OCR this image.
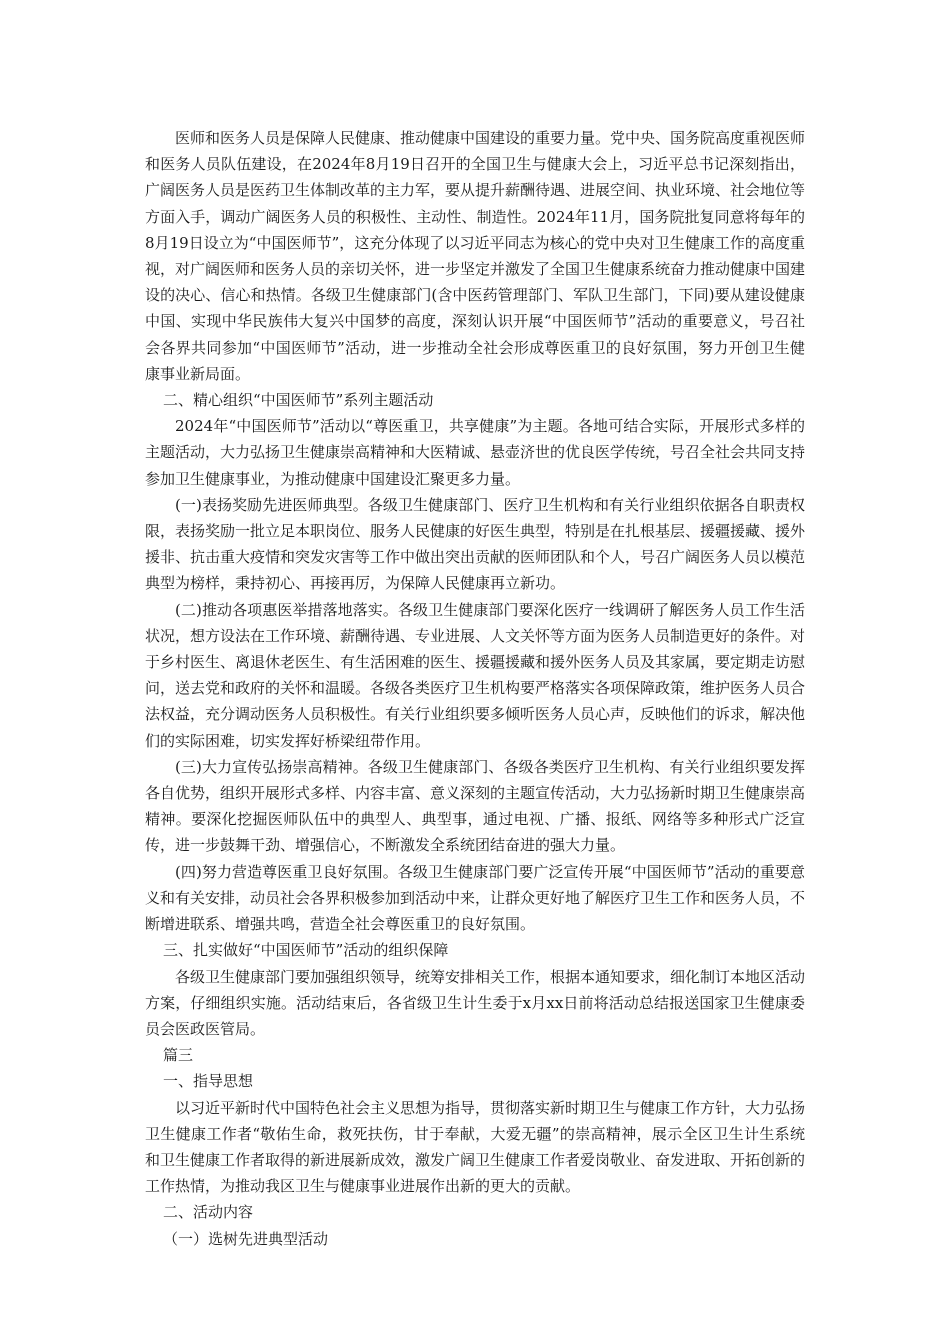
医师和医务人员是保障人民健康、推动健康中国建设的重要力量。党中央、国务院高度重视医师和医务人员队伍建设，在2024年8月19日召开的全国卫生与健康大会上，习近平总书记深刻指出，广阔医务人员是医药卫生体制改革的主力军，要从提升薪酬待遇、进展空间、执业环境、社会地位等方面入手，调动广阔医务人员的积极性、主动性、制造性。2024年11月，国务院批复同意将每年的8月19日设立为“中国医师节”，这充分体现了以习近平同志为核心的党中央对卫生健康工作的高度重视，对广阔医师和医务人员的亲切关怀，进一步坚定并激发了全国卫生健康系统奋力推动健康中国建设的决心、信心和热情。各级卫生健康部门(含中医药管理部门、军队卫生部门，下同)要从建设健康中国、实现中华民族伟大复兴中国梦的高度，深刻认识开展“中国医师节”活动的重要意义，号召社会各界共同参加“中国医师节”活动，进一步推动全社会形成尊医重卫的良好氛围，努力开创卫生健康事业新局面。

二、精心组织“中国医师节”系列主题活动

2024年“中国医师节”活动以“尊医重卫，共享健康”为主题。各地可结合实际，开展形式多样的主题活动，大力弘扬卫生健康崇高精神和大医精诚、悬壶济世的优良医学传统，号召全社会共同支持参加卫生健康事业，为推动健康中国建设汇聚更多力量。

(一)表扬奖励先进医师典型。各级卫生健康部门、医疗卫生机构和有关行业组织依据各自职责权限，表扬奖励一批立足本职岗位、服务人民健康的好医生典型，特别是在扎根基层、援疆援藏、援外援非、抗击重大疫情和突发灾害等工作中做出突出贡献的医师团队和个人，号召广阔医务人员以模范典型为榜样，秉持初心、再接再厉，为保障人民健康再立新功。

(二)推动各项惠医举措落地落实。各级卫生健康部门要深化医疗一线调研了解医务人员工作生活状况，想方设法在工作环境、薪酬待遇、专业进展、人文关怀等方面为医务人员制造更好的条件。对于乡村医生、离退休老医生、有生活困难的医生、援疆援藏和援外医务人员及其家属，要定期走访慰问，送去党和政府的关怀和温暖。各级各类医疗卫生机构要严格落实各项保障政策，维护医务人员合法权益，充分调动医务人员积极性。有关行业组织要多倾听医务人员心声，反映他们的诉求，解决他们的实际困难，切实发挥好桥梁纽带作用。

(三)大力宣传弘扬崇高精神。各级卫生健康部门、各级各类医疗卫生机构、有关行业组织要发挥各自优势，组织开展形式多样、内容丰富、意义深刻的主题宣传活动，大力弘扬新时期卫生健康崇高精神。要深化挖掘医师队伍中的典型人、典型事，通过电视、广播、报纸、网络等多种形式广泛宣传，进一步鼓舞干劲、增强信心，不断激发全系统团结奋进的强大力量。

(四)努力营造尊医重卫良好氛围。各级卫生健康部门要广泛宣传开展“中国医师节”活动的重要意义和有关安排，动员社会各界积极参加到活动中来，让群众更好地了解医疗卫生工作和医务人员，不断增进联系、增强共鸣，营造全社会尊医重卫的良好氛围。

三、扎实做好“中国医师节”活动的组织保障

各级卫生健康部门要加强组织领导，统筹安排相关工作，根据本通知要求，细化制订本地区活动方案，仔细组织实施。活动结束后，各省级卫生计生委于x月xx日前将活动总结报送国家卫生健康委员会医政医管局。

篇三

一、指导思想

以习近平新时代中国特色社会主义思想为指导，贯彻落实新时期卫生与健康工作方针，大力弘扬卫生健康工作者“敬佑生命，救死扶伤，甘于奉献，大爱无疆”的崇高精神，展示全区卫生计生系统和卫生健康工作者取得的新进展新成效，激发广阔卫生健康工作者爱岗敬业、奋发进取、开拓创新的工作热情，为推动我区卫生与健康事业进展作出新的更大的贡献。

二、活动内容

（一）选树先进典型活动
